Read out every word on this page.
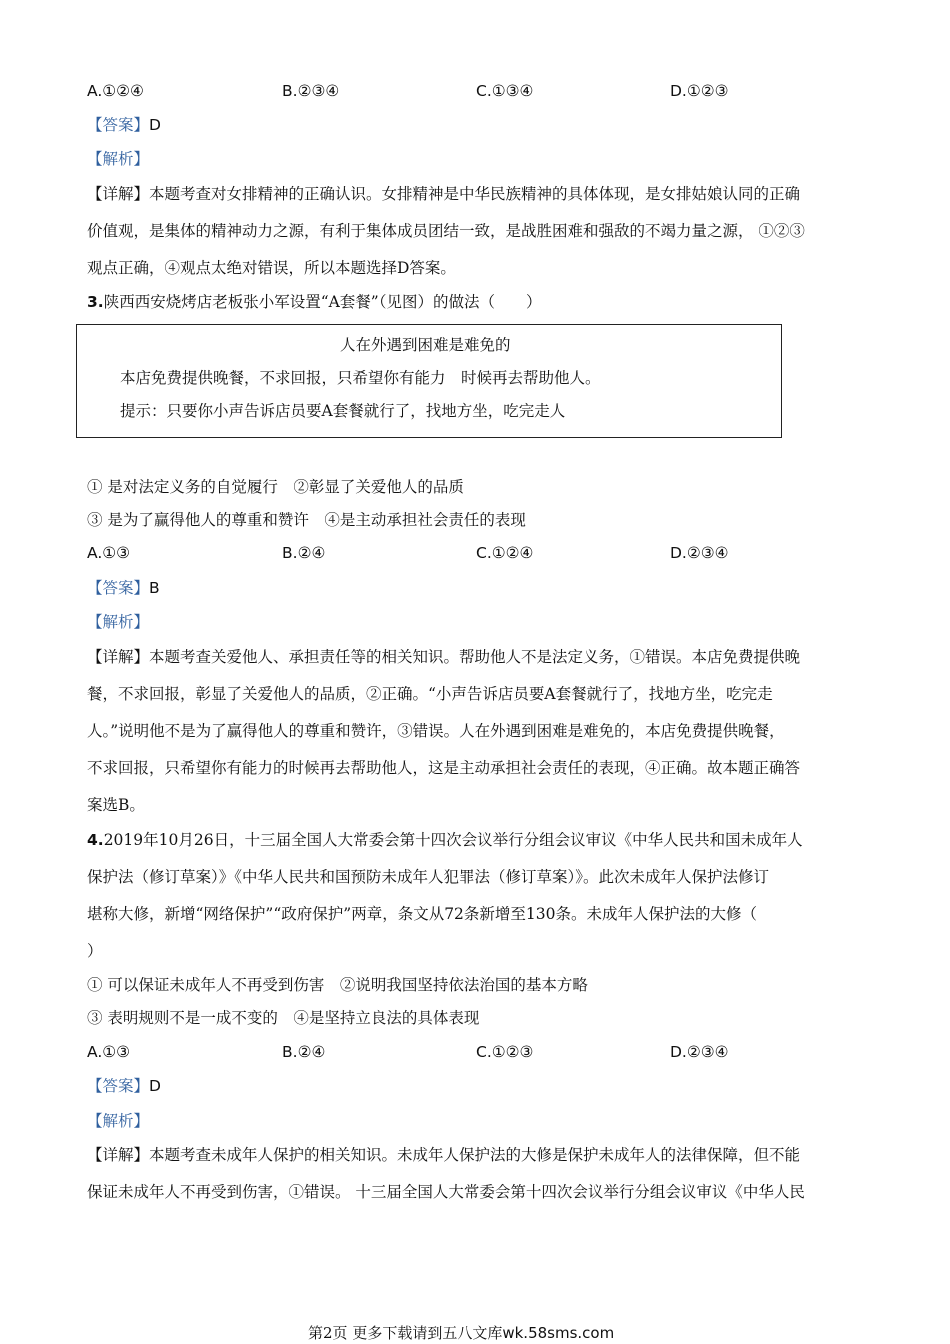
A.①②④	B.②③④	C.①③④	D.①②③
【答案】D
【解析】
【详解】本题考查对女排精神的正确认识。女排精神是中华民族精神的具体体现，是女排姑娘认同的正确
价值观，是集体的精神动力之源，有利于集体成员团结一致，是战胜困难和强敌的不竭力量之源， ①②③
观点正确，④观点太绝对错误，所以本题选择D答案。
3.陕西西安烧烤店老板张小军设置“A套餐”（见图）的做法（　　）
人在外遇到困难是难免的
本店免费提供晚餐，不求回报，只希望你有能力　时候再去帮助他人。
提示：只要你小声告诉店员要A套餐就行了，找地方坐，吃完走人
① 是对法定义务的自觉履行　②彰显了关爱他人的品质
③ 是为了赢得他人的尊重和赞许　④是主动承担社会责任的表现
A.①③	B.②④	C.①②④	D.②③④
【答案】B
【解析】
【详解】本题考查关爱他人、承担责任等的相关知识。帮助他人不是法定义务，①错误。本店免费提供晚
餐，不求回报，彰显了关爱他人的品质，②正确。“小声告诉店员要A套餐就行了，找地方坐，吃完走
人。”说明他不是为了赢得他人的尊重和赞许，③错误。人在外遇到困难是难免的，本店免费提供晚餐，
不求回报，只希望你有能力的时候再去帮助他人，这是主动承担社会责任的表现，④正确。故本题正确答
案选B。
4.2019年10月26日，十三届全国人大常委会第十四次会议举行分组会议审议《中华人民共和国未成年人
保护法（修订草案）》《中华人民共和国预防未成年人犯罪法（修订草案）》。此次未成年人保护法修订
堪称大修，新增“网络保护”“政府保护”两章，条文从72条新增至130条。未成年人保护法的大修（
）
① 可以保证未成年人不再受到伤害　②说明我国坚持依法治国的基本方略
③ 表明规则不是一成不变的　④是坚持立良法的具体表现
A.①③	B.②④	C.①②③	D.②③④
【答案】D
【解析】
【详解】本题考查未成年人保护的相关知识。未成年人保护法的大修是保护未成年人的法律保障，但不能
保证未成年人不再受到伤害，①错误。 十三届全国人大常委会第十四次会议举行分组会议审议《中华人民
第2页 更多下载请到五八文库wk.58sms.com
